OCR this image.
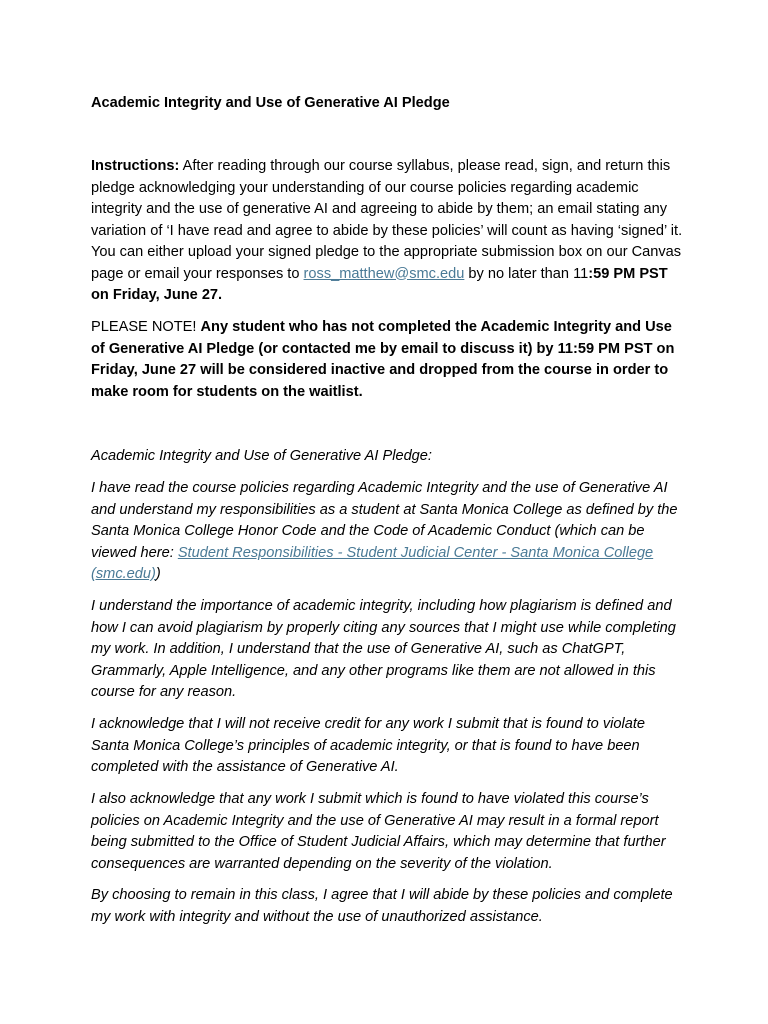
Academic Integrity and Use of Generative AI Pledge

Instructions: After reading through our course syllabus, please read, sign, and return this pledge acknowledging your understanding of our course policies regarding academic integrity and the use of generative AI and agreeing to abide by them; an email stating any variation of ‘I have read and agree to abide by these policies’ will count as having ‘signed’ it. You can either upload your signed pledge to the appropriate submission box on our Canvas page or email your responses to ross_matthew@smc.edu by no later than 11:59 PM PST on Friday, June 27.

PLEASE NOTE! Any student who has not completed the Academic Integrity and Use of Generative AI Pledge (or contacted me by email to discuss it) by 11:59 PM PST on Friday, June 27 will be considered inactive and dropped from the course in order to make room for students on the waitlist.

Academic Integrity and Use of Generative AI Pledge:

I have read the course policies regarding Academic Integrity and the use of Generative AI and understand my responsibilities as a student at Santa Monica College as defined by the Santa Monica College Honor Code and the Code of Academic Conduct (which can be viewed here: Student Responsibilities - Student Judicial Center - Santa Monica College (smc.edu))

I understand the importance of academic integrity, including how plagiarism is defined and how I can avoid plagiarism by properly citing any sources that I might use while completing my work. In addition, I understand that the use of Generative AI, such as ChatGPT, Grammarly, Apple Intelligence, and any other programs like them are not allowed in this course for any reason.

I acknowledge that I will not receive credit for any work I submit that is found to violate Santa Monica College’s principles of academic integrity, or that is found to have been completed with the assistance of Generative AI.

I also acknowledge that any work I submit which is found to have violated this course’s policies on Academic Integrity and the use of Generative AI may result in a formal report being submitted to the Office of Student Judicial Affairs, which may determine that further consequences are warranted depending on the severity of the violation.

By choosing to remain in this class, I agree that I will abide by these policies and complete my work with integrity and without the use of unauthorized assistance.
